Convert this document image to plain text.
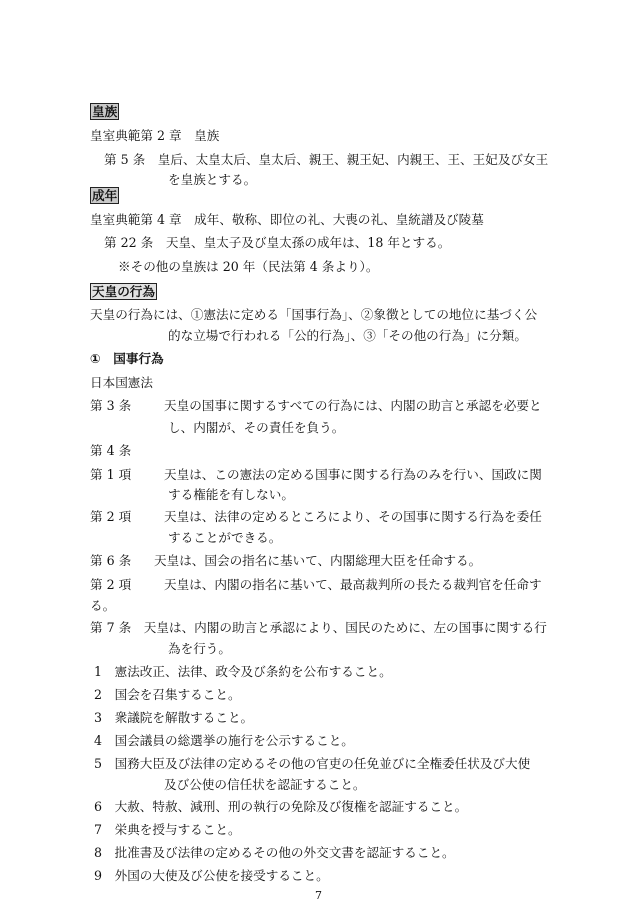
皇族
皇室典範第 2 章　皇族
第 5 条　皇后、太皇太后、皇太后、親王、親王妃、内親王、王、王妃及び女王
を皇族とする。
成年
皇室典範第 4 章　成年、敬称、即位の礼、大喪の礼、皇統譜及び陵墓
第 22 条　天皇、皇太子及び皇太孫の成年は、18 年とする。
※その他の皇族は 20 年（民法第 4 条より）。
天皇の行為
天皇の行為には、①憲法に定める「国事行為」、②象徴としての地位に基づく公
的な立場で行われる「公的行為」、③「その他の行為」に分類。
①　国事行為
日本国憲法
第 3 条	天皇の国事に関するすべての行為には、内閣の助言と承認を必要と
し、内閣が、その責任を負う。
第 4 条
第 1 項	天皇は、この憲法の定める国事に関する行為のみを行い、国政に関
する権能を有しない。
第 2 項	天皇は、法律の定めるところにより、その国事に関する行為を委任
することができる。
第 6 条 天皇は、国会の指名に基いて、内閣総理大臣を任命する。
第 2 項	天皇は、内閣の指名に基いて、最高裁判所の長たる裁判官を任命す
る。
第 7 条　天皇は、内閣の助言と承認により、国民のために、左の国事に関する行
為を行う。
1　憲法改正、法律、政令及び条約を公布すること。
2　国会を召集すること。
3　衆議院を解散すること。
4　国会議員の総選挙の施行を公示すること。
5　国務大臣及び法律の定めるその他の官吏の任免並びに全権委任状及び大使
及び公使の信任状を認証すること。
6　大赦、特赦、減刑、刑の執行の免除及び復権を認証すること。
7　栄典を授与すること。
8　批准書及び法律の定めるその他の外交文書を認証すること。
9　外国の大使及び公使を接受すること。
7
